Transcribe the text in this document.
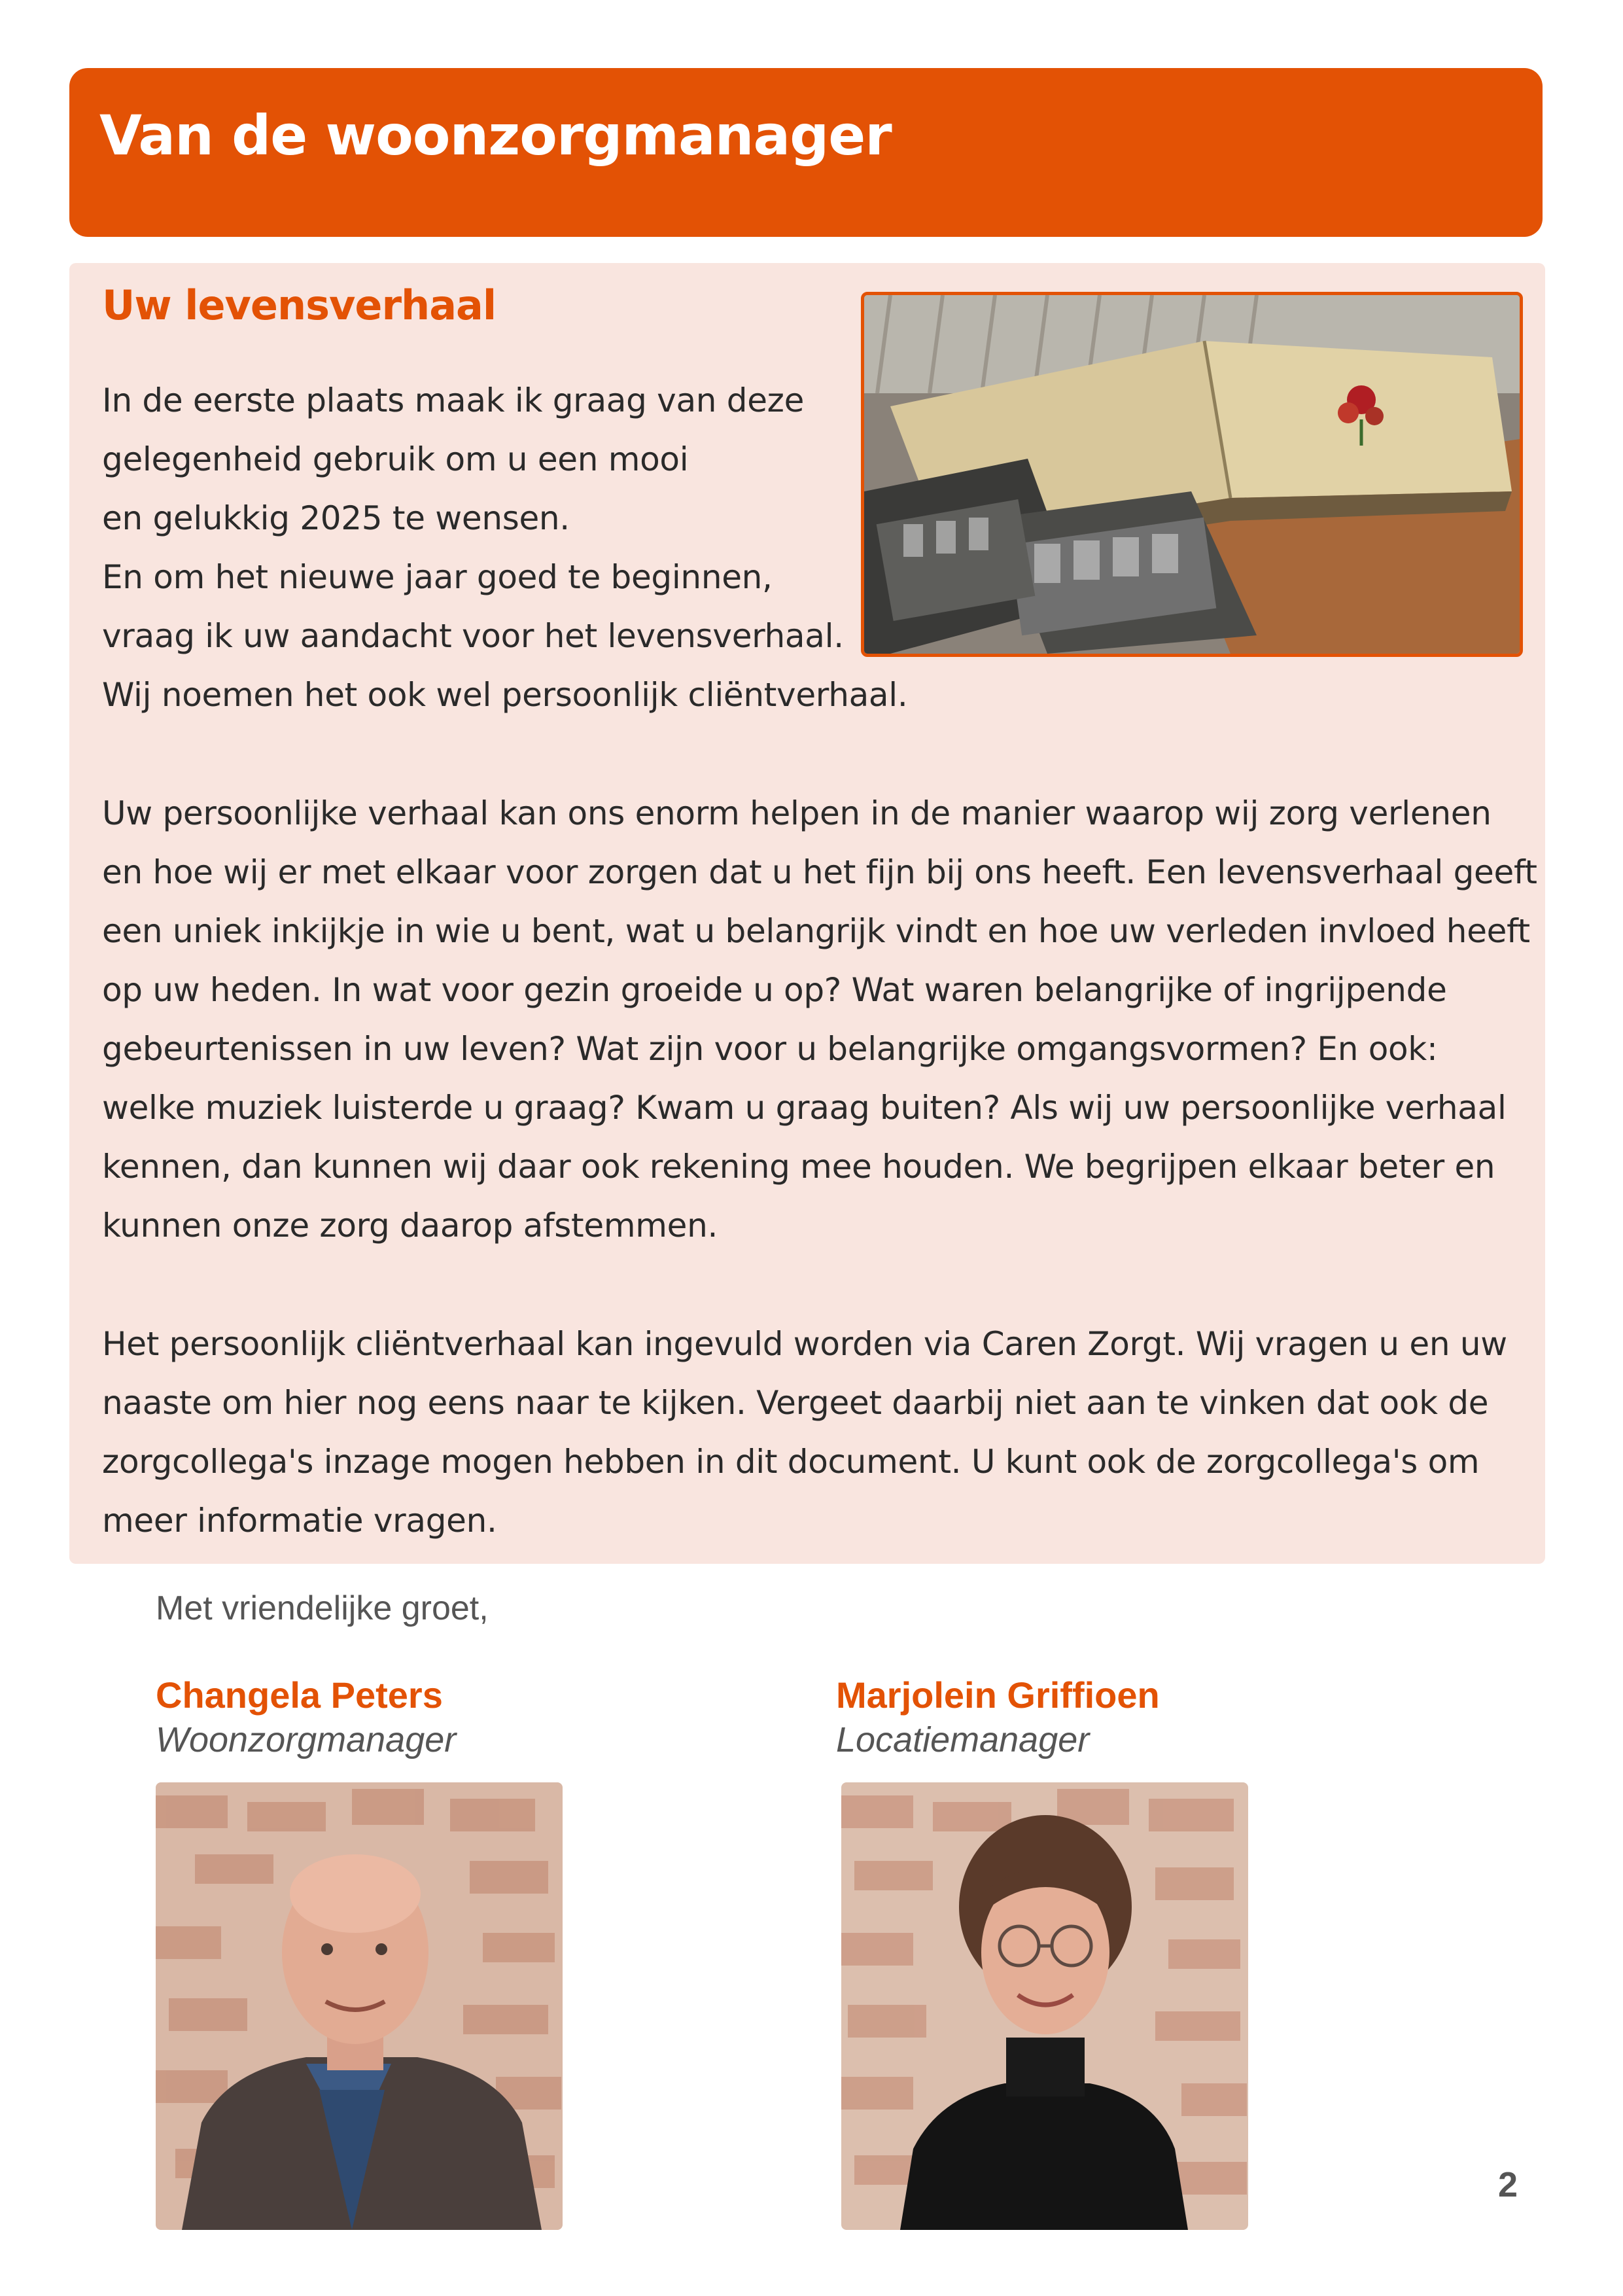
Van de woonzorgmanager
Uw levensverhaal

In de eerste plaats maak ik graag van deze

gelegenheid gebruik om u een mooi

en gelukkig 2025 te wensen.

En om het nieuwe jaar goed te beginnen,

vraag ik uw aandacht voor het levensverhaal.

Wij noemen het ook wel persoonlijk cliëntverhaal.

Uw persoonlijke verhaal kan ons enorm helpen in de manier waarop wij zorg verlenen

en hoe wij er met elkaar voor zorgen dat u het fijn bij ons heeft. Een levensverhaal geeft

een uniek inkijkje in wie u bent, wat u belangrijk vindt en hoe uw verleden invloed heeft

op uw heden. In wat voor gezin groeide u op? Wat waren belangrijke of ingrijpende

gebeurtenissen in uw leven? Wat zijn voor u belangrijke omgangsvormen? En ook:

welke muziek luisterde u graag? Kwam u graag buiten? Als wij uw persoonlijke verhaal

kennen, dan kunnen wij daar ook rekening mee houden. We begrijpen elkaar beter en

kunnen onze zorg daarop afstemmen.

Het persoonlijk cliëntverhaal kan ingevuld worden via Caren Zorgt. Wij vragen u en uw

naaste om hier nog eens naar te kijken. Vergeet daarbij niet aan te vinken dat ook de

zorgcollega's inzage mogen hebben in dit document. U kunt ook de zorgcollega's om

meer informatie vragen.

Met vriendelijke groet,

Changela Peters

Woonzorgmanager

Marjolein Griffioen

Locatiemanager

2
